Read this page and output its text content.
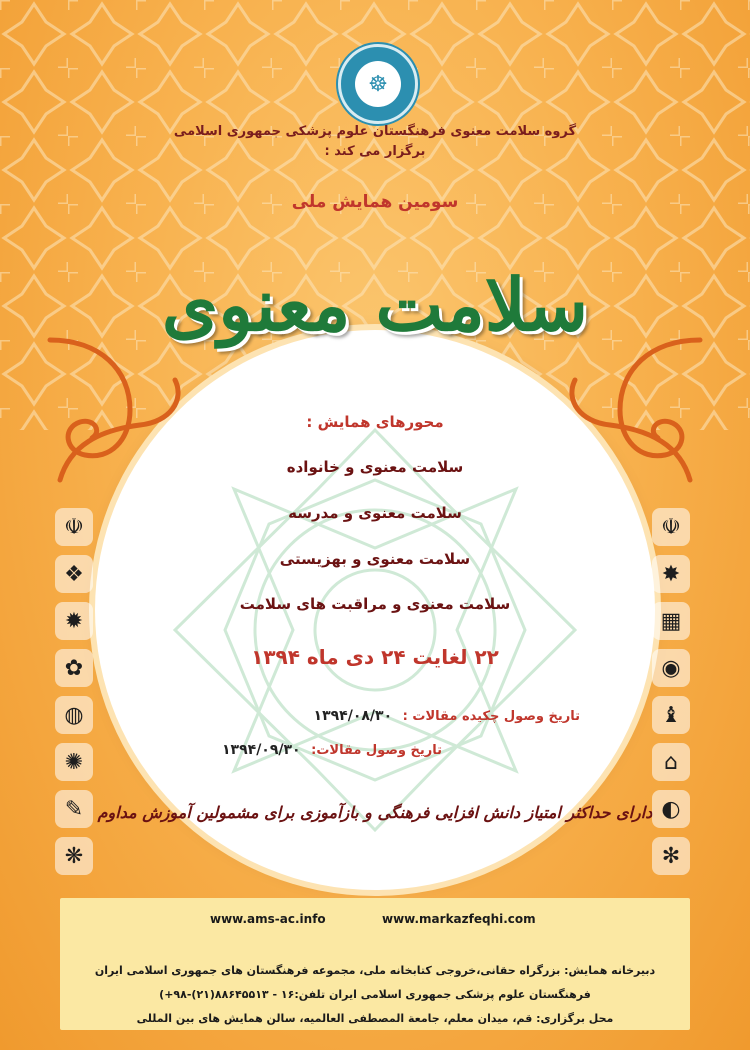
☸
گروه سلامت معنوی فرهنگستان علوم پزشکی جمهوری اسلامی
برگزار می کند :
سومین همایش ملی
سلامت معنوی
محورهای همایش :
سلامت معنوی و خانواده
سلامت معنوی و مدرسه
سلامت معنوی و بهزیستی
سلامت معنوی و مراقبت های سلامت
۲۲ لغایت ۲۴ دی ماه ۱۳۹۴
تاریخ وصول چکیده مقالات : ۱۳۹۴/۰۸/۳۰
تاریخ وصول مقالات: ۱۳۹۴/۰۹/۳۰
دارای حداکثر امتیاز دانش افزایی فرهنگی و بازآموزی برای مشمولین آموزش مداوم
☫
❖
✹
✿
◍
✺
✎
❋
☫
✸
▦
◉
♝
⌂
◐
✻
www.ams-ac.info	www.markazfeqhi.com
دبیرخانه همایش: بزرگراه حقانی،خروجی کتابخانه ملی، مجموعه فرهنگستان های جمهوری اسلامی ایران
فرهنگستان علوم پزشکی جمهوری اسلامی ایران تلفن:۱۶ - ۸۸۶۴۵۵۱۳(۲۱)-۹۸+)
محل برگزاری: قم، میدان معلم، جامعة المصطفی العالمیه، سالن همایش های بین المللی
